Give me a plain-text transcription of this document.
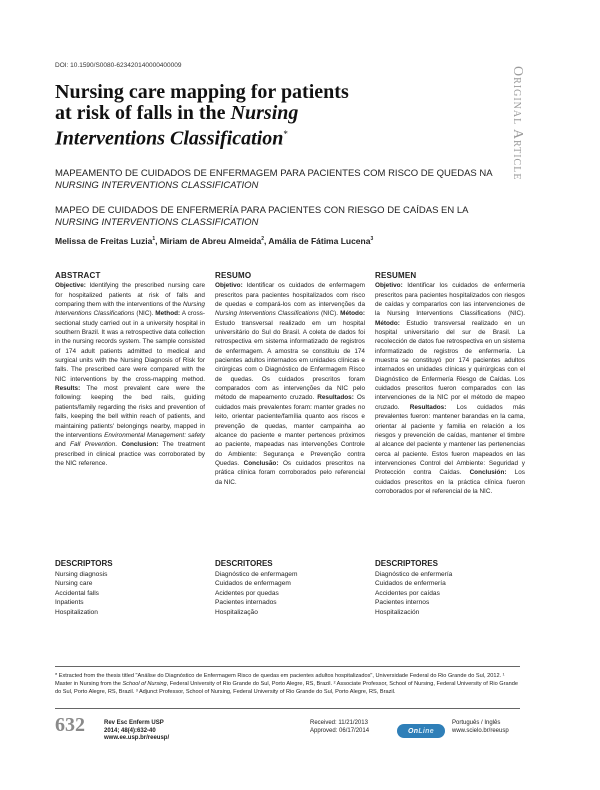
DOI: 10.1590/S0080-623420140000400009
Original Article
Nursing care mapping for patients
at risk of falls in the Nursing
Interventions Classification*
MAPEAMENTO DE CUIDADOS DE ENFERMAGEM PARA PACIENTES COM RISCO DE QUEDAS NA NURSING INTERVENTIONS CLASSIFICATION
MAPEO DE CUIDADOS DE ENFERMERÍA PARA PACIENTES CON RIESGO DE CAÍDAS EN LA NURSING INTERVENTIONS CLASSIFICATION
Melissa de Freitas Luzia$^1$, Miriam de Abreu Almeida$^2$, Amália de Fátima Lucena$^3$
ABSTRACT
Objective: Identifying the prescribed nursing care for hospitalized patients at risk of falls and comparing them with the interventions of the Nursing Interventions Classifications (NIC). Method: A cross-sectional study carried out in a university hospital in southern Brazil. It was a retrospective data collection in the nursing records system. The sample consisted of 174 adult patients admitted to medical and surgical units with the Nursing Diagnosis of Risk for falls. The prescribed care were compared with the NIC interventions by the cross-mapping method. Results: The most prevalent care were the following: keeping the bed rails, guiding patients/family regarding the risks and prevention of falls, keeping the bell within reach of patients, and maintaining patients' belongings nearby, mapped in the interventions Environmental Management: safety and Fall Prevention. Conclusion: The treatment prescribed in clinical practice was corroborated by the NIC reference.
RESUMO
Objetivo: Identificar os cuidados de enfermagem prescritos para pacientes hospitalizados com risco de quedas e compará-los com as intervenções da Nursing Interventions Classifications (NIC). Método: Estudo transversal realizado em um hospital universitário do Sul do Brasil. A coleta de dados foi retrospectiva em sistema informatizado de registros de enfermagem. A amostra se constituiu de 174 pacientes adultos internados em unidades clínicas e cirúrgicas com o Diagnóstico de Enfermagem Risco de quedas. Os cuidados prescritos foram comparados com as intervenções da NIC pelo método de mapeamento cruzado. Resultados: Os cuidados mais prevalentes foram: manter grades no leito, orientar paciente/família quanto aos riscos e prevenção de quedas, manter campainha ao alcance do paciente e manter pertences próximos ao paciente, mapeadas nas intervenções Controle do Ambiente: Segurança e Prevenção contra Quedas. Conclusão: Os cuidados prescritos na prática clínica foram corroborados pelo referencial da NIC.
RESUMEN
Objetivo: Identificar los cuidados de enfermería prescritos para pacientes hospitalizados con riesgos de caídas y compararlos con las intervenciones de la Nursing Interventions Classifications (NIC). Método: Estudio transversal realizado en un hospital universitario del sur de Brasil. La recolección de datos fue retrospectiva en un sistema informatizado de registros de enfermería. La muestra se constituyó por 174 pacientes adultos internados en unidades clínicas y quirúrgicas con el Diagnóstico de Enfermería Riesgo de Caídas. Los cuidados prescritos fueron comparados con las intervenciones de la NIC por el método de mapeo cruzado. Resultados: Los cuidados más prevalentes fueron: mantener barandas en la cama, orientar al paciente y familia en relación a los riesgos y prevención de caídas, mantener el timbre al alcance del paciente y mantener las pertenencias cerca al paciente. Estos fueron mapeados en las intervenciones Control del Ambiente: Seguridad y Protección contra Caídas. Conclusión: Los cuidados prescritos en la práctica clínica fueron corroborados por el referencial de la NIC.
DESCRIPTORS
Nursing diagnosis
Nursing care
Accidental falls
Inpatients
Hospitalization
DESCRITORES
Diagnóstico de enfermagem
Cuidados de enfermagem
Acidentes por quedas
Pacientes internados
Hospitalização
DESCRIPTORES
Diagnóstico de enfermería
Cuidados de enfermería
Accidentes por caídas
Pacientes internos
Hospitalización
* Extracted from the thesis titled "Análise do Diagnóstico de Enfermagem Risco de quedas em pacientes adultos hospitalizados", Universidade Federal do Rio Grande do Sul, 2012. ¹ Master in Nursing from the School of Nursing, Federal University of Rio Grande do Sul, Porto Alegre, RS, Brazil. ² Associate Professor, School of Nursing, Federal University of Rio Grande do Sul, Porto Alegre, RS, Brazil. ³ Adjunct Professor, School of Nursing, Federal University of Rio Grande do Sul, Porto Alegre, RS, Brazil.
632	Rev Esc Enferm USP
2014; 48(4):632-40
www.ee.usp.br/reeusp/
Received: 11/21/2013
Approved: 06/17/2014	On Line
Português / Inglês
www.scielo.br/reeusp
